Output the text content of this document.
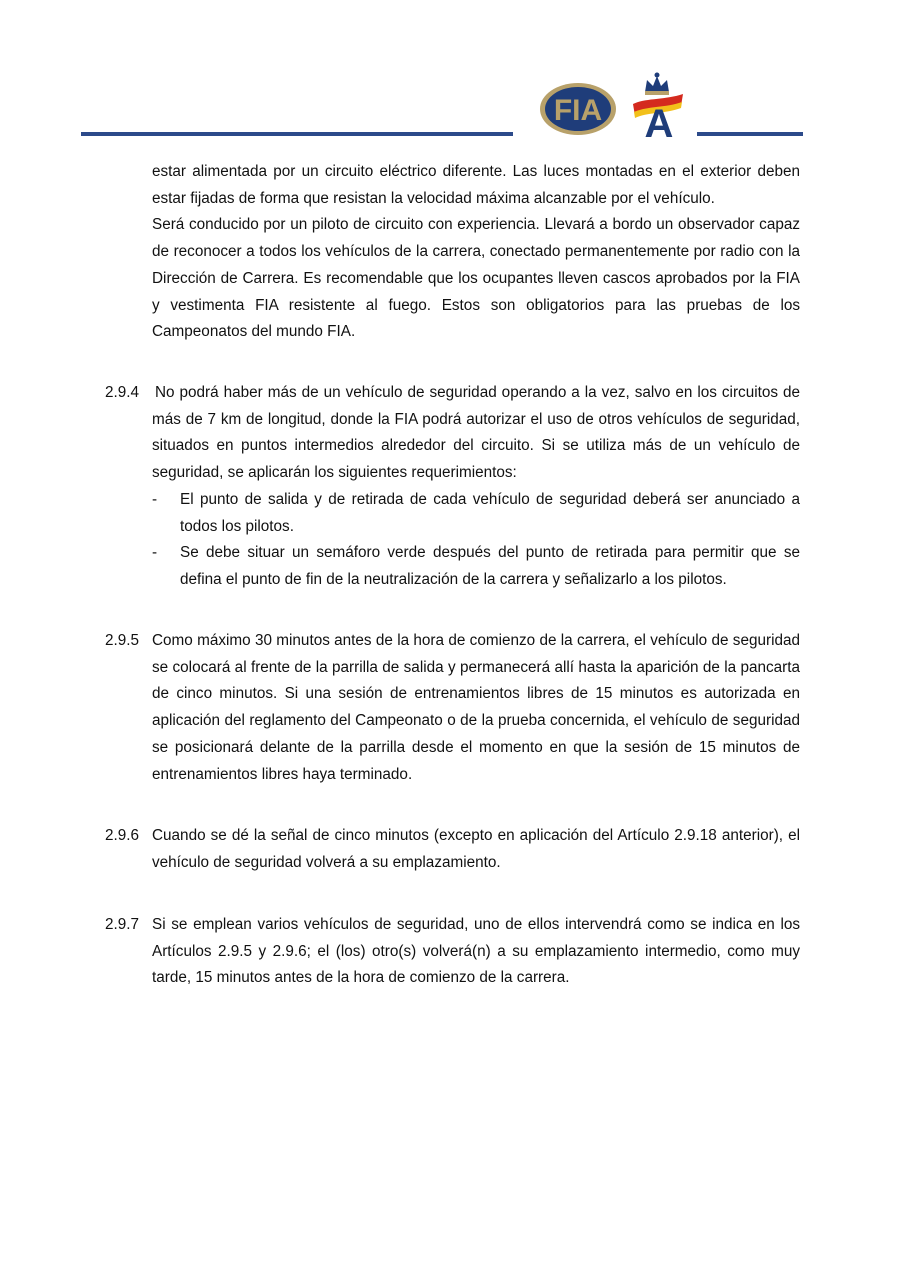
FIA A

estar alimentada por un circuito eléctrico diferente. Las luces montadas en el exterior deben estar fijadas de forma que resistan la velocidad máxima alcanzable por el vehículo.

Será conducido por un piloto de circuito con experiencia. Llevará a bordo un observador capaz de reconocer a todos los vehículos de la carrera, conectado permanentemente por radio con la Dirección de Carrera. Es recomendable que los ocupantes lleven cascos aprobados por la FIA y vestimenta FIA resistente al fuego. Estos son obligatorios para las pruebas de los Campeonatos del mundo FIA.

2.9.4	No podrá haber más de un vehículo de seguridad operando a la vez, salvo en los circuitos de más de 7 km de longitud, donde la FIA podrá autorizar el uso de otros vehículos de seguridad, situados en puntos intermedios alrededor del circuito. Si se utiliza más de un vehículo de seguridad, se aplicarán los siguientes requerimientos:

- El punto de salida y de retirada de cada vehículo de seguridad deberá ser anunciado a todos los pilotos.

- Se debe situar un semáforo verde después del punto de retirada para permitir que se defina el punto de fin de la neutralización de la carrera y señalizarlo a los pilotos.

2.9.5 Como máximo 30 minutos antes de la hora de comienzo de la carrera, el vehículo de seguridad se colocará al frente de la parrilla de salida y permanecerá allí hasta la aparición de la pancarta de cinco minutos. Si una sesión de entrenamientos libres de 15 minutos es autorizada en aplicación del reglamento del Campeonato o de la prueba concernida, el vehículo de seguridad se posicionará delante de la parrilla desde el momento en que la sesión de 15 minutos de entrenamientos libres haya terminado.

2.9.6 Cuando se dé la señal de cinco minutos (excepto en aplicación del Artículo 2.9.18 anterior), el vehículo de seguridad volverá a su emplazamiento.

2.9.7 Si se emplean varios vehículos de seguridad, uno de ellos intervendrá como se indica en los Artículos 2.9.5 y 2.9.6; el (los) otro(s) volverá(n) a su emplazamiento intermedio, como muy tarde, 15 minutos antes de la hora de comienzo de la carrera.
